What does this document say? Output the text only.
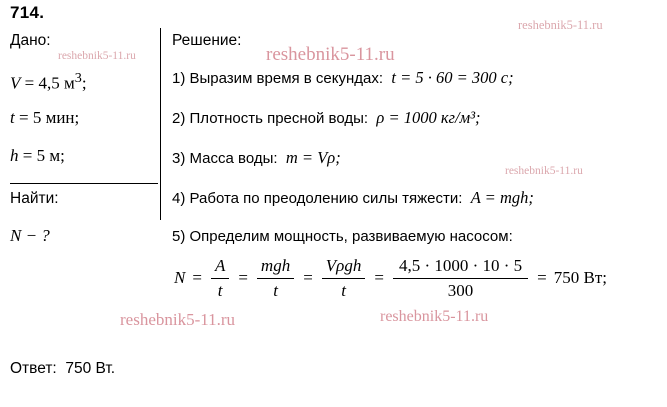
714.
Дано:
V = 4,5 $м^3$;
t = 5 мин;
h = 5 м;
Найти:
N − ?
Решение:
1) Выразим время в секундах: t = 5 · 60 = 300 с;
2) Плотность пресной воды: ρ = 1000 кг/м³;
3) Масса воды: m = Vρ;
4) Работа по преодолению силы тяжести: A = mgh;
5) Определим мощность, развиваемую насосом:
$N = \frac{A}{t} = \frac{\text{mgh}}{t} = \frac{\text{Vρgh}}{t} = \frac{4,5 \cdot 1000 \cdot 10 \cdot 5}{300} = 750$ Вт;
Ответ: 750 Вт.
reshebnik5-11.ru
reshebnik5-11.ru	reshebnik5-11.ru
reshebnik5-11.ru
reshebnik5-11.ru	reshebnik5-11.ru
